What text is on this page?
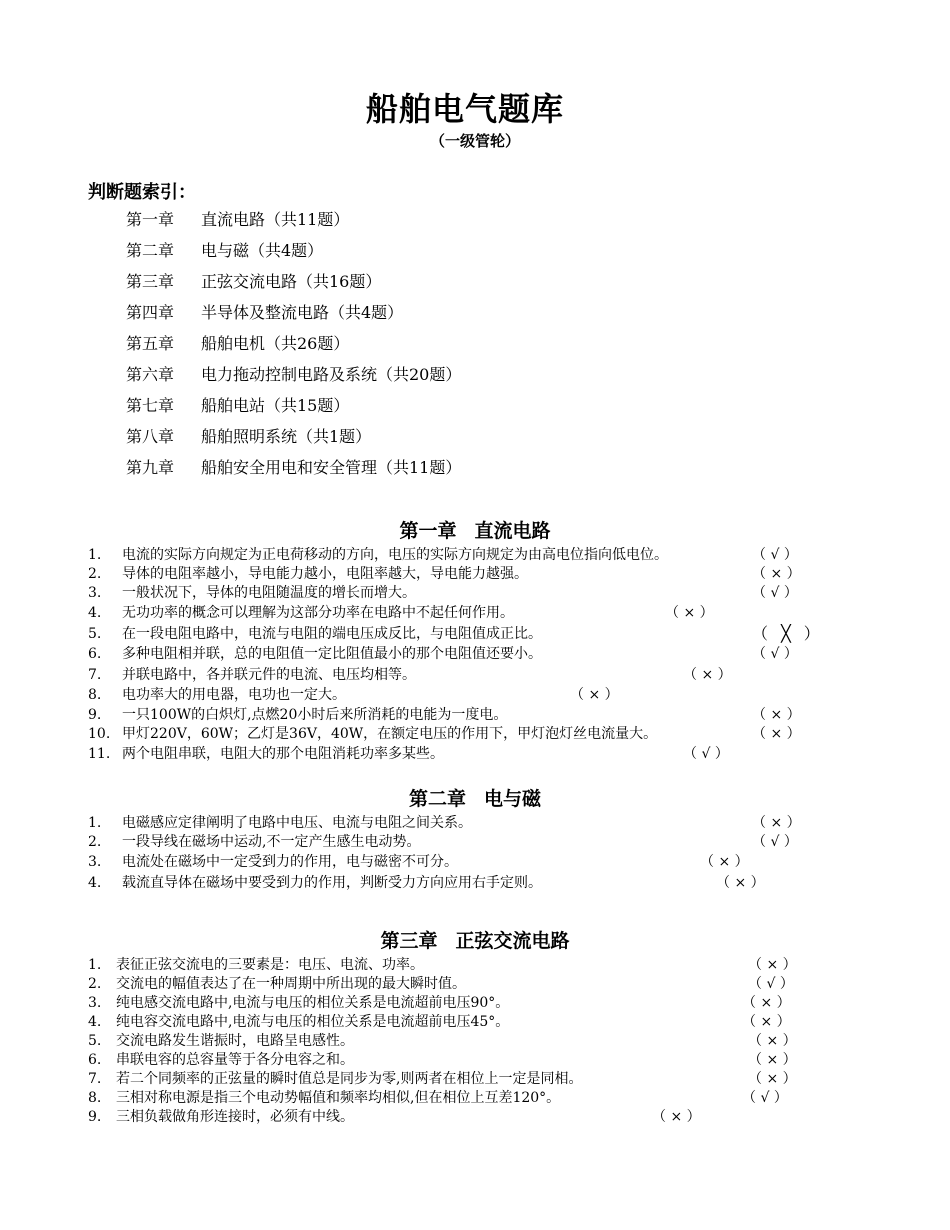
船舶电气题库
（一级管轮）
判断题索引：
第一章 直流电路（共11题）
第二章 电与磁（共4题）
第三章 正弦交流电路（共16题）
第四章 半导体及整流电路（共4题）
第五章 船舶电机（共26题）
第六章 电力拖动控制电路及系统（共20题）
第七章 船舶电站（共15题）
第八章 船舶照明系统（共1题）
第九章 船舶安全用电和安全管理（共11题）
第一章 直流电路
1.	电流的实际方向规定为正电荷移动的方向，电压的实际方向规定为由高电位指向低电位。	（ √ ）
2.	导体的电阻率越小，导电能力越小，电阻率越大，导电能力越强。	（ × ）
3.	一般状况下，导体的电阻随温度的增长而增大。	（ √ ）
4.	无功功率的概念可以理解为这部分功率在电路中不起任何作用。	（ × ）
5.	在一段电阻电路中，电流与电阻的端电压成反比，与电阻值成正比。	（ ╳ ）
6.	多种电阻相并联，总的电阻值一定比阻值最小的那个电阻值还要小。	（ √ ）
7.	并联电路中，各并联元件的电流、电压均相等。	（ × ）
8.	电功率大的用电器，电功也一定大。	（ × ）
9.	一只100W的白炽灯,点燃20小时后来所消耗的电能为一度电。	（ × ）
10. 甲灯220V，60W；乙灯是36V，40W，在额定电压的作用下，甲灯泡灯丝电流量大。	（ × ）
11. 两个电阻串联，电阻大的那个电阻消耗功率多某些。	（ √ ）
第二章 电与磁
1.	电磁感应定律阐明了电路中电压、电流与电阻之间关系。	（ × ）
2.	一段导线在磁场中运动,不一定产生感生电动势。	（ √ ）
3.	电流处在磁场中一定受到力的作用，电与磁密不可分。	（ × ）
4.	载流直导体在磁场中要受到力的作用，判断受力方向应用右手定则。	（ × ）
第三章 正弦交流电路
1.	表征正弦交流电的三要素是：电压、电流、功率。	（ × ）
2.	交流电的幅值表达了在一种周期中所出现的最大瞬时值。	（ √ ）
3.	纯电感交流电路中,电流与电压的相位关系是电流超前电压90°。	（ × ）
4.	纯电容交流电路中,电流与电压的相位关系是电流超前电压45°。	（ × ）
5.	交流电路发生谐振时，电路呈电感性。	（ × ）
6.	串联电容的总容量等于各分电容之和。	（ × ）
7.	若二个同频率的正弦量的瞬时值总是同步为零,则两者在相位上一定是同相。	（ × ）
8.	三相对称电源是指三个电动势幅值和频率均相似,但在相位上互差120°。	（ √ ）
9.	三相负载做角形连接时，必须有中线。	（ × ）
